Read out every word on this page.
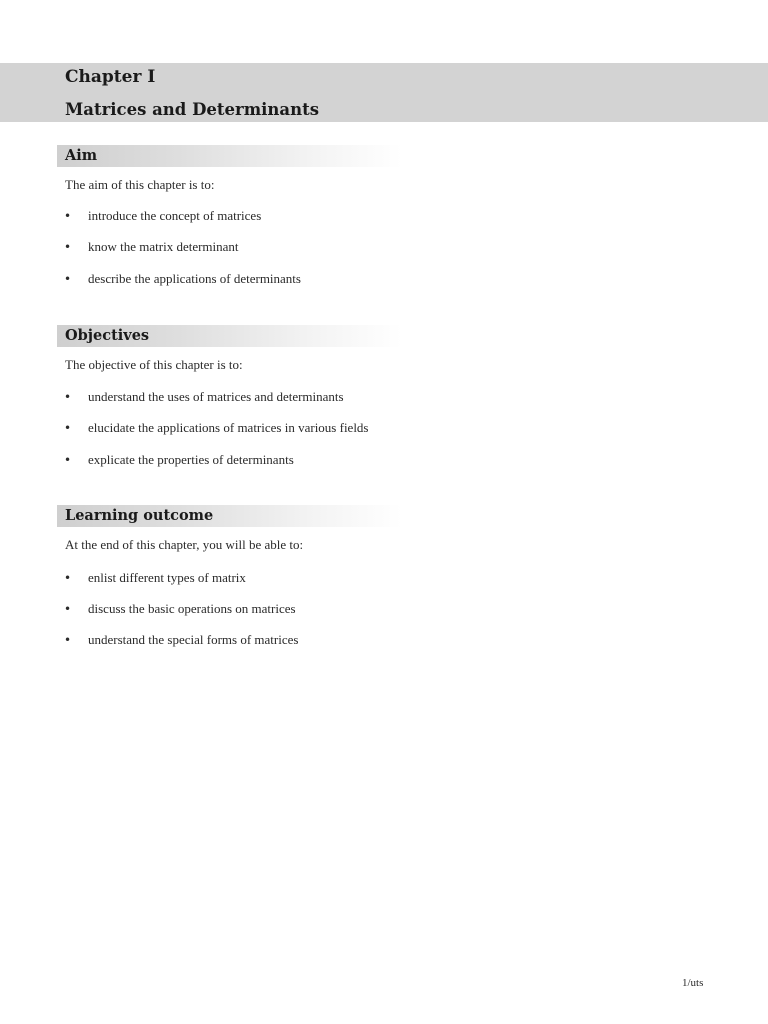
Chapter I
Matrices and Determinants
Aim
The aim of this chapter is to:
• introduce the concept of matrices
• know the matrix determinant
• describe the applications of determinants
Objectives
The objective of this chapter is to:
• understand the uses of matrices and determinants
• elucidate the applications of matrices in various fields
• explicate the properties of determinants
Learning outcome
At the end of this chapter, you will be able to:
• enlist different types of matrix
• discuss the basic operations on matrices
• understand the special forms of matrices
1/uts
